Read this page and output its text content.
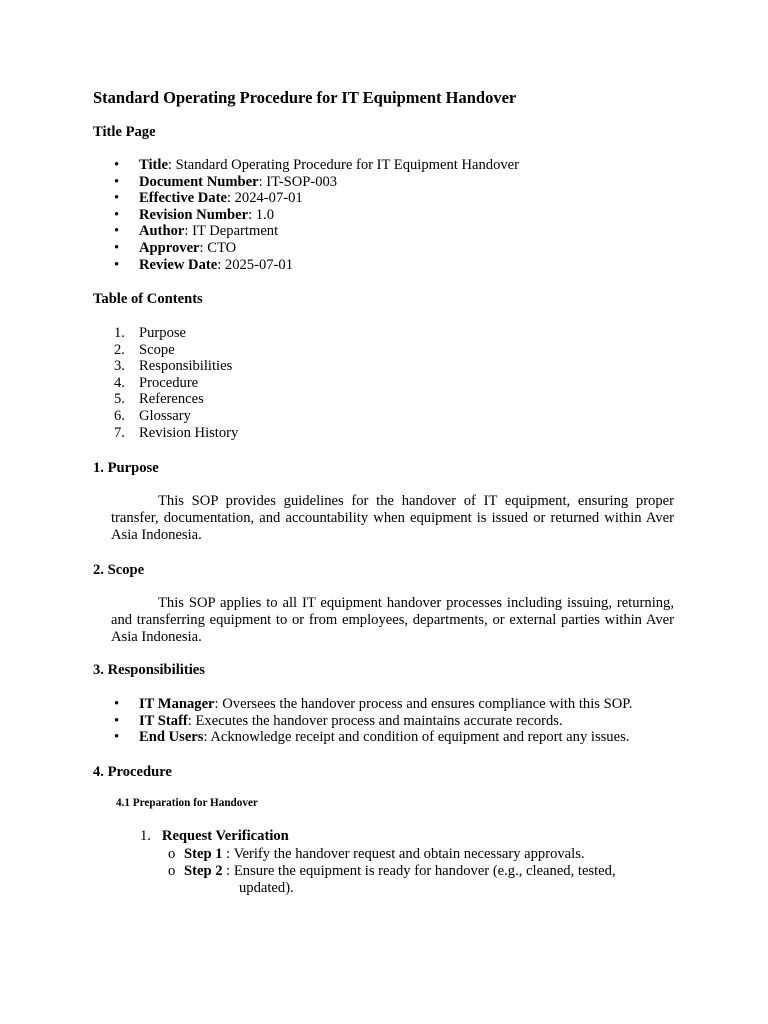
Standard Operating Procedure for IT Equipment Handover
Title Page
• Title: Standard Operating Procedure for IT Equipment Handover
• Document Number: IT-SOP-003
• Effective Date: 2024-07-01
• Revision Number: 1.0
• Author: IT Department
• Approver: CTO
• Review Date: 2025-07-01
Table of Contents
1. Purpose
2. Scope
3. Responsibilities
4. Procedure
5. References
6. Glossary
7. Revision History
1. Purpose

This SOP provides guidelines for the handover of IT equipment, ensuring proper transfer, documentation, and accountability when equipment is issued or returned within Aver Asia Indonesia.

2. Scope

This SOP applies to all IT equipment handover processes including issuing, returning, and transferring equipment to or from employees, departments, or external parties within Aver Asia Indonesia.

3. Responsibilities
• IT Manager: Oversees the handover process and ensures compliance with this SOP.
• IT Staff: Executes the handover process and maintains accurate records.
• End Users: Acknowledge receipt and condition of equipment and report any issues.
4. Procedure
4.1 Preparation for Handover
1. Request Verification
o Step 1 : Verify the handover request and obtain necessary approvals.
o Step 2 : Ensure the equipment is ready for handover (e.g., cleaned, tested,
updated).
